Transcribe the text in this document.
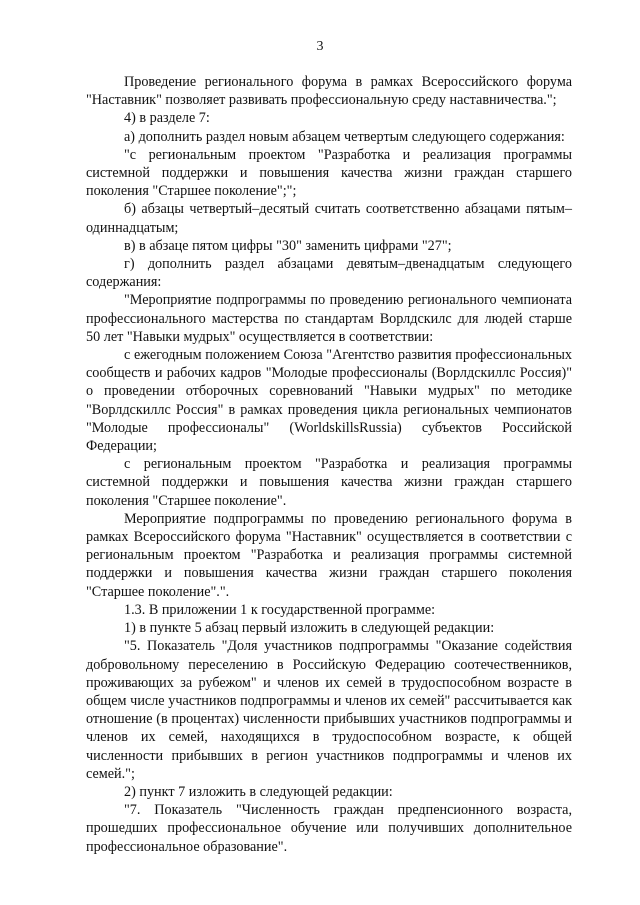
3

Проведение регионального форума в рамках Всероссийского форума "Наставник" позволяет развивать профессиональную среду наставничества.";

4) в разделе 7:

а) дополнить раздел новым абзацем четвертым следующего содержания:

"с региональным проектом "Разработка и реализация программы системной поддержки и повышения качества жизни граждан старшего поколения "Старшее поколение";";

б) абзацы четвертый–десятый считать соответственно абзацами пятым–одиннадцатым;

в) в абзаце пятом цифры "30" заменить цифрами "27";

г) дополнить раздел абзацами девятым–двенадцатым следующего содержания:

"Мероприятие подпрограммы по проведению регионального чемпионата профессионального мастерства по стандартам Ворлдскилс для людей старше 50 лет "Навыки мудрых" осуществляется в соответствии:

с ежегодным положением Союза "Агентство развития профессиональных сообществ и рабочих кадров "Молодые профессионалы (Ворлдскиллс Россия)" о проведении отборочных соревнований "Навыки мудрых" по методике "Ворлдскиллс Россия" в рамках проведения цикла региональных чемпионатов "Молодые профессионалы" (WorldskillsRussia) субъектов Российской Федерации;

с региональным проектом "Разработка и реализация программы системной поддержки и повышения качества жизни граждан старшего поколения "Старшее поколение".

Мероприятие подпрограммы по проведению регионального форума в рамках Всероссийского форума "Наставник" осуществляется в соответствии с региональным проектом "Разработка и реализация программы системной поддержки и повышения качества жизни граждан старшего поколения "Старшее поколение".".

1.3. В приложении 1 к государственной программе:

1) в пункте 5 абзац первый изложить в следующей редакции:

"5. Показатель "Доля участников подпрограммы "Оказание содействия добровольному переселению в Российскую Федерацию соотечественников, проживающих за рубежом" и членов их семей в трудоспособном возрасте в общем числе участников подпрограммы и членов их семей" рассчитывается как отношение (в процентах) численности прибывших участников подпрограммы и членов их семей, находящихся в трудоспособном возрасте, к общей численности прибывших в регион участников подпрограммы и членов их семей.";

2) пункт 7 изложить в следующей редакции:

"7. Показатель "Численность граждан предпенсионного возраста, прошедших профессиональное обучение или получивших дополнительное профессиональное образование".
